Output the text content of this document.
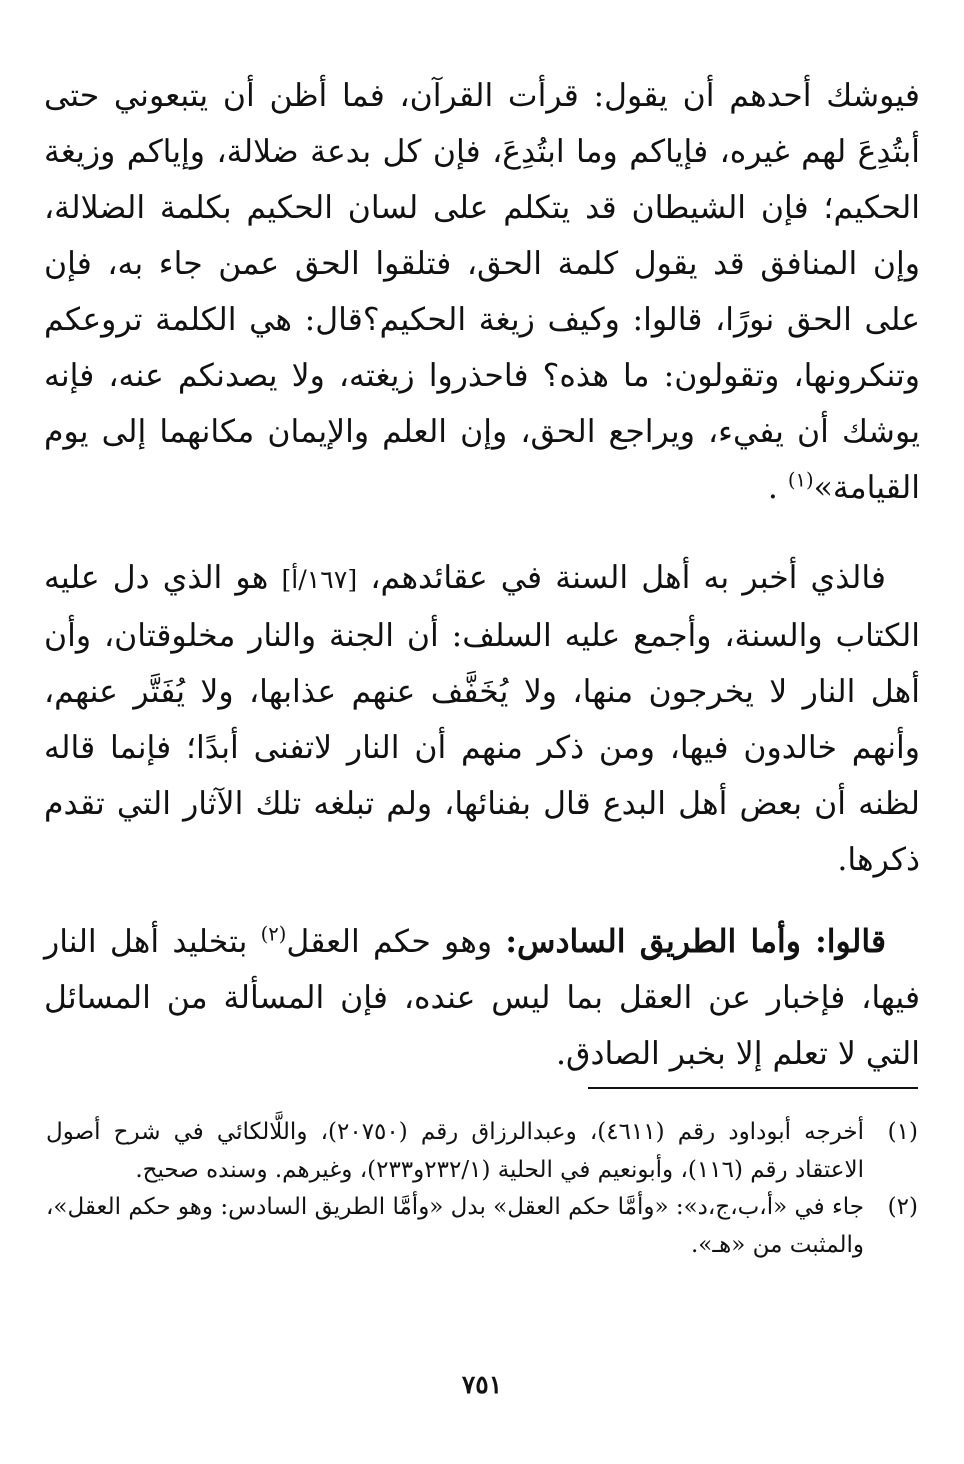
فيوشك أحدهم أن يقول: قرأت القرآن، فما أظن أن يتبعوني حتى أبتُدِعَ لهم غيره، فإياكم وما ابتُدِعَ، فإن كل بدعة ضلالة، وإياكم وزيغة الحكيم؛ فإن الشيطان قد يتكلم على لسان الحكيم بكلمة الضلالة، وإن المنافق قد يقول كلمة الحق، فتلقوا الحق عمن جاء به، فإن على الحق نورًا، قالوا: وكيف زيغة الحكيم؟قال: هي الكلمة تروعكم وتنكرونها، وتقولون: ما هذه؟ فاحذروا زيغته، ولا يصدنكم عنه، فإنه يوشك أن يفيء، ويراجع الحق، وإن العلم والإيمان مكانهما إلى يوم القيامة»$^{(١)}$ .

فالذي أخبر به أهل السنة في عقائدهم، [١٦٧/أ] هو الذي دل عليه الكتاب والسنة، وأجمع عليه السلف: أن الجنة والنار مخلوقتان، وأن أهل النار لا يخرجون منها، ولا يُخَفَّف عنهم عذابها، ولا يُفَتَّر عنهم، وأنهم خالدون فيها، ومن ذكر منهم أن النار لاتفنى أبدًا؛ فإنما قاله لظنه أن بعض أهل البدع قال بفنائها، ولم تبلغه تلك الآثار التي تقدم ذكرها.

قالوا: وأما الطريق السادس: وهو حكم العقل$^{(٢)}$ بتخليد أهل النار فيها، فإخبار عن العقل بما ليس عنده، فإن المسألة من المسائل التي لا تعلم إلا بخبر الصادق.

(١)
أخرجه أبوداود رقم (٤٦١١)، وعبدالرزاق رقم (٢٠٧٥٠)، واللَّالكائي في شرح أصول الاعتقاد رقم (١١٦)، وأبونعيم في الحلية (٢٣٢/١و٢٣٣)، وغيرهم. وسنده صحيح.
(٢)
جاء في «أ،ب،ج،د»: «وأمَّا حكم العقل» بدل «وأمَّا الطريق السادس: وهو حكم العقل»، والمثبت من «هـ».
٧٥١
